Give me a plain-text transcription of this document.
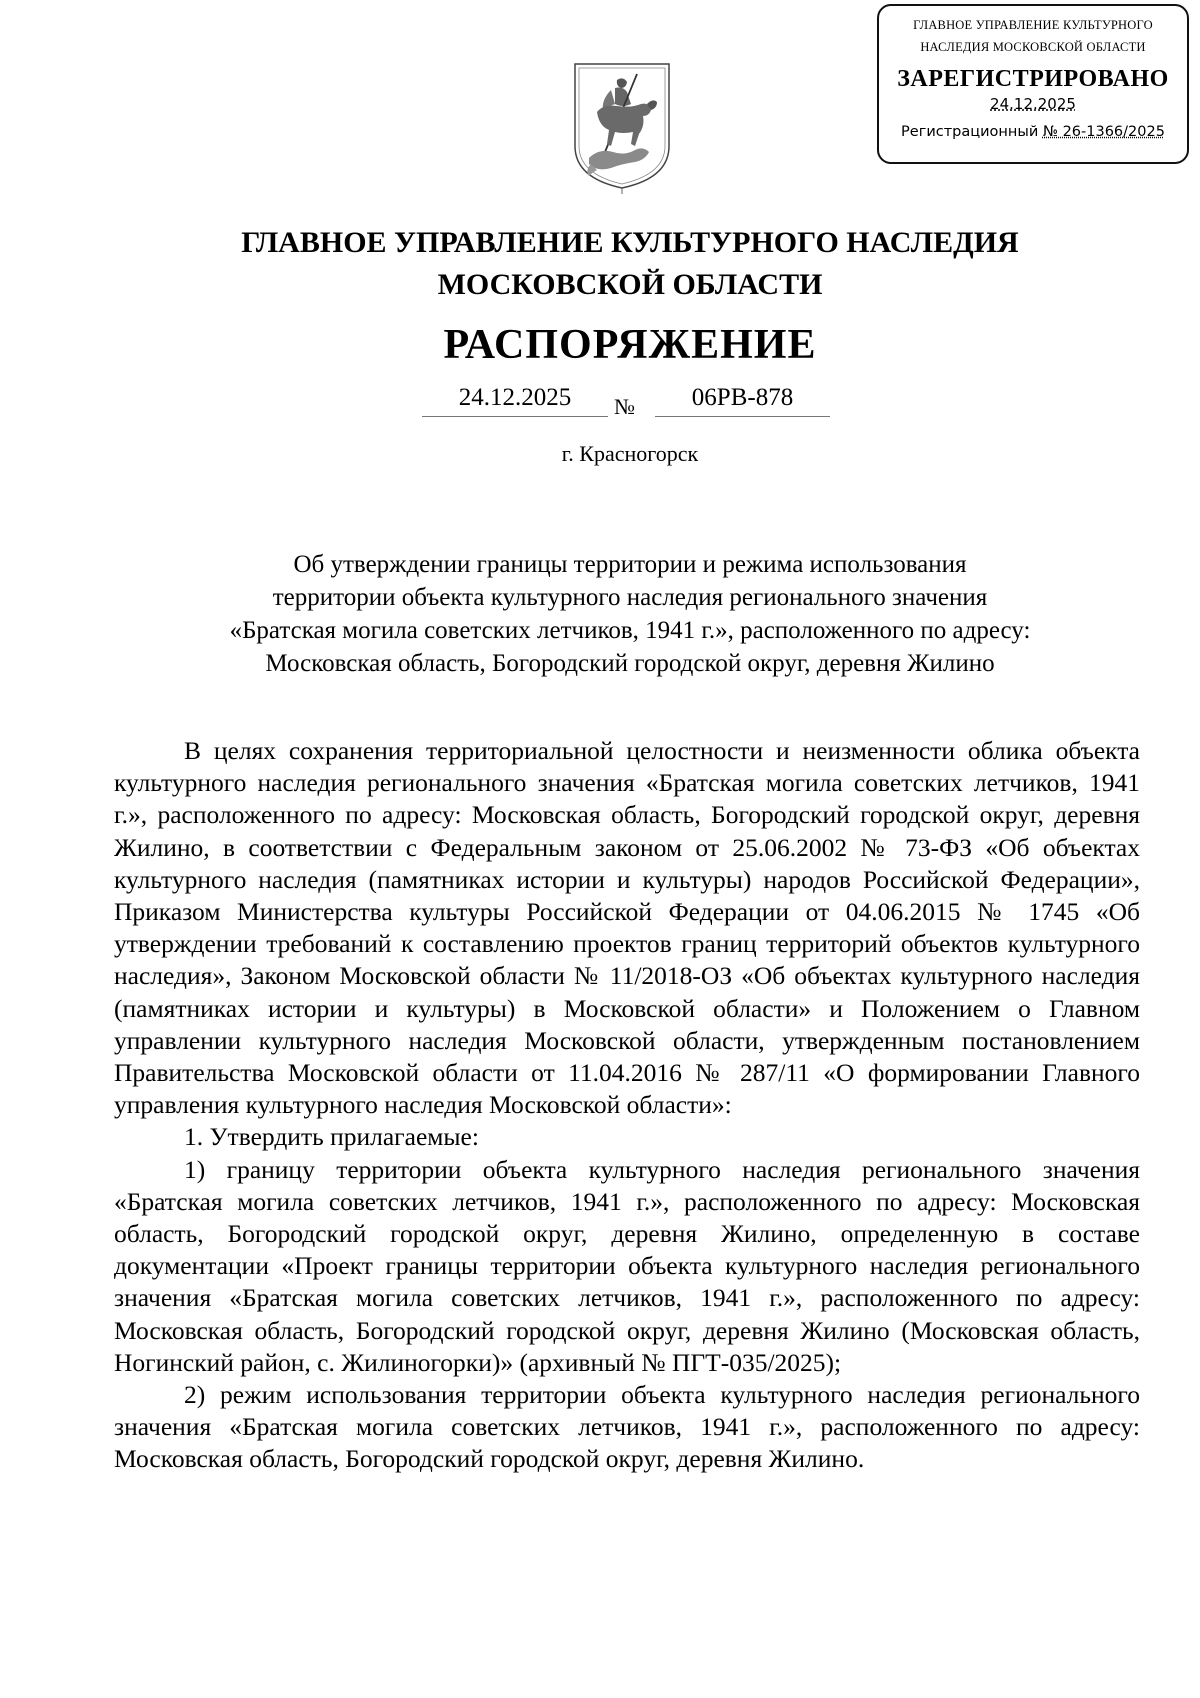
ГЛАВНОЕ УПРАВЛЕНИЕ КУЛЬТУРНОГО
НАСЛЕДИЯ МОСКОВСКОЙ ОБЛАСТИ
ЗАРЕГИСТРИРОВАНО
24.12.2025
Регистрационный № 26-1366/2025
ГЛАВНОЕ УПРАВЛЕНИЕ КУЛЬТУРНОГО НАСЛЕДИЯ
МОСКОВСКОЙ ОБЛАСТИ
РАСПОРЯЖЕНИЕ
24.12.2025	№	06РВ-878
г. Красногорск
Об утверждении границы территории и режима использования
территории объекта культурного наследия регионального значения
«Братская могила советских летчиков, 1941 г.», расположенного по адресу:
Московская область, Богородский городской округ, деревня Жилино

В целях сохранения территориальной целостности и неизменности облика объекта культурного наследия регионального значения «Братская могила советских летчиков, 1941 г.», расположенного по адресу: Московская область, Богородский городской округ, деревня Жилино, в соответствии с Федеральным законом от 25.06.2002 № 73-ФЗ «Об объектах культурного наследия (памятниках истории и культуры) народов Российской Федерации», Приказом Министерства культуры Российской Федерации от 04.06.2015 № 1745 «Об утверждении требований к составлению проектов границ территорий объектов культурного наследия», Законом Московской области № 11/2018-ОЗ «Об объектах культурного наследия (памятниках истории и культуры) в Московской области» и Положением о Главном управлении культурного наследия Московской области, утвержденным постановлением Правительства Московской области от 11.04.2016 № 287/11 «О формировании Главного управления культурного наследия Московской области»:

1. Утвердить прилагаемые:

1) границу территории объекта культурного наследия регионального значения «Братская могила советских летчиков, 1941 г.», расположенного по адресу: Московская область, Богородский городской округ, деревня Жилино, определенную в составе документации «Проект границы территории объекта культурного наследия регионального значения «Братская могила советских летчиков, 1941 г.», расположенного по адресу: Московская область, Богородский городской округ, деревня Жилино (Московская область, Ногинский район, с. Жилиногорки)» (архивный № ПГТ-035/2025);

2) режим использования территории объекта культурного наследия регионального значения «Братская могила советских летчиков, 1941 г.», расположенного по адресу: Московская область, Богородский городской округ, деревня Жилино.
